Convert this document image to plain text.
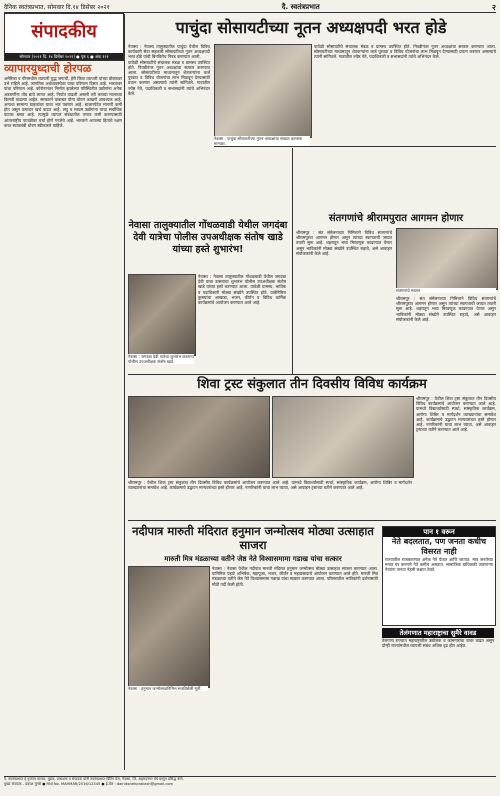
दैनिक स्वतंत्रप्रभात, सोमवार दि.१४ डिसेंबर २०२१	दै. स्वतंत्रप्रभात	२
संपादकीय
सोमवार (२०२१ दि. १४ डिसेंबर २०२१) ● पृष्ठ ६ ● अंक १२१
पाचुंदा सोसायटीच्या नूतन अध्यक्षपदी भरत होडे
व्यापारयुध्दाची होरपळ
अमेरिका व चीनमधील व्यापारी युद्ध जगाची, हेरी किंवा व्यापारी यांच्या डोक्यावर उभे राहिले आहे. जागतिक अर्थव्यवस्थेवर याचा परिणाम दिसत आहे. भारतावर यांचा परिणाम आहे. कोरोनानंतर निर्माण झालेल्या परिस्थितीत उद्योगांना अनेक अडचणींना तोंड द्यावे लागत आहे. निर्यात वाढली असली तरी कच्च्या मालाच्या किमती वाढल्या आहेत. सरकारने याबाबत योग्य धोरण आखणे आवश्यक आहे. अन्यथा सामान्य ग्राहकांवर याचा भार पडणार आहे. बाजारपेठेत मागणी कमी होत असून उत्पादन खर्च वाढत आहे. लघु व मध्यम उद्योगांना याचा सर्वाधिक फटका बसत आहे. त्यामुळे व्यापार संबंधातील तणाव कमी करण्यासाठी आंतरराष्ट्रीय पातळीवर चर्चा होणे गरजेचे आहे. भारताने आपल्या हितांचे रक्षण करत स्वावलंबी धोरण स्वीकारले पाहिजे.
नेवासा : नेवासा तालुक्यातील पाचुंदा येथील विविध कार्यकारी सेवा सहकारी सोसायटीच्या नूतन अध्यक्षपदी भरत होडे यांची बिनविरोध निवड करण्यात आली.
यावेळी सोसायटीचे संचालक मंडळ व ग्रामस्थ उपस्थित होते. निवडीनंतर नूतन अध्यक्षांचा सत्कार करण्यात आला. सोसायटीच्या माध्यमातून शेतकऱ्यांना कर्ज पुरवठा व विविध योजनांचा लाभ मिळवून देण्यासाठी प्रयत्न करणार असल्याचे त्यांनी सांगितले. गावातील ज्येष्ठ नेते, पदाधिकारी व सभासदांनी त्यांचे अभिनंदन केले.
नेवासा : पाचुंदा सोसायटीच्या नूतन अध्यक्षांचा सत्कार करताना मान्यवर.
यावेळी सोसायटीचे संचालक मंडळ व ग्रामस्थ उपस्थित होते. निवडीनंतर नूतन अध्यक्षांचा सत्कार करण्यात आला. सोसायटीच्या माध्यमातून शेतकऱ्यांना कर्ज पुरवठा व विविध योजनांचा लाभ मिळवून देण्यासाठी प्रयत्न करणार असल्याचे त्यांनी सांगितले. गावातील ज्येष्ठ नेते, पदाधिकारी व सभासदांनी त्यांचे अभिनंदन केले.
नेवासा तालुक्यातील गोंधळवाडी येथील जगदंबा देवी यात्रेचा पोलीस उपअधीक्षक संतोष खाडे यांच्या हस्ते शुभारंभ!
नेवासा : जगदंबा देवी यात्रेचा शुभारंभ करताना पोलीस उपअधीक्षक संतोष खाडे.
नेवासा : नेवासा तालुक्यातील गोंधळवाडी येथील जगदंबा देवी यात्रा उत्सवाचा शुभारंभ पोलीस उपअधीक्षक संतोष खाडे यांच्या हस्ते करण्यात आला. यावेळी ग्रामस्थ, भाविक व पदाधिकारी मोठ्या संख्येने उपस्थित होते. यात्रेनिमित्त कुस्त्यांचा आखाडा, भजन, कीर्तन व विविध धार्मिक कार्यक्रमांचे आयोजन करण्यात आले आहे.
संतगणांचे श्रीरामपुरात आगमन होणार
श्रीरामपूर : संत संमेलनाच्या निमित्ताने विविध संतगणांचे श्रीरामपुरात आगमन होणार असून त्यांच्या स्वागताची जय्यत तयारी सुरू आहे. शहरातून भव्य मिरवणूक काढण्यात येणार असून भाविकांनी मोठ्या संख्येने उपस्थित राहावे, असे आवाहन संयोजकांनी केले आहे.
संतगणांचे स्वागत
श्रीरामपूर : संत संमेलनाच्या निमित्ताने विविध संतगणांचे श्रीरामपुरात आगमन होणार असून त्यांच्या स्वागताची जय्यत तयारी सुरू आहे. शहरातून भव्य मिरवणूक काढण्यात येणार असून भाविकांनी मोठ्या संख्येने उपस्थित राहावे, असे आवाहन संयोजकांनी केले आहे.
शिवा ट्रस्ट संकुलात तीन दिवसीय विविध कार्यक्रम
श्रीरामपूर : येथील शिवा ट्रस्ट संकुलात तीन दिवसीय विविध कार्यक्रमांचे आयोजन करण्यात आले आहे. यामध्ये विद्यार्थ्यांसाठी स्पर्धा, सांस्कृतिक कार्यक्रम, आरोग्य शिबिर व मार्गदर्शन व्याख्यानांचा समावेश आहे. कार्यक्रमाचे उद्घाटन मान्यवरांच्या हस्ते होणार आहे. नागरिकांनी याचा लाभ घ्यावा, असे आवाहन ट्रस्टच्या वतीने करण्यात आले आहे.
श्रीरामपूर : येथील शिवा ट्रस्ट संकुलात तीन दिवसीय विविध कार्यक्रमांचे आयोजन करण्यात आले आहे. यामध्ये विद्यार्थ्यांसाठी स्पर्धा, सांस्कृतिक कार्यक्रम, आरोग्य शिबिर व मार्गदर्शन व्याख्यानांचा समावेश आहे. कार्यक्रमाचे उद्घाटन मान्यवरांच्या हस्ते होणार आहे. नागरिकांनी याचा लाभ घ्यावा, असे आवाहन ट्रस्टच्या वतीने करण्यात आले आहे.
नदीपात्र मारुती मंदिरात हनुमान जन्मोत्सव मोठ्या उत्साहात साजरा
मारुती मित्र मंडळाच्या वतीने जेष्ठ नेते विश्वासमामा गडाख यांचा सत्कार
नेवासा : हनुमान जन्मोत्सवानिमित्त सजविलेली मूर्ती.
नेवासा : नेवासा येथील नदीपात्र मारुती मंदिरात हनुमान जन्मोत्सव मोठ्या उत्साहात साजरा करण्यात आला. यानिमित्त पहाटे अभिषेक, महापूजा, भजन, कीर्तन व महाप्रसादाचे आयोजन करण्यात आले होते. मारुती मित्र मंडळाच्या वतीने जेष्ठ नेते विश्वासमामा गडाख यांचा सत्कार करण्यात आला. परिसरातील भाविकांनी दर्शनासाठी मोठी गर्दी केली होती.
पान १ वरून
नेते बदलतात, पण जनता कधीच विसरत नाही
राज्यातील राजकारणात अनेक नेते येतात आणि जातात. मात्र जनतेच्या मनात घर करणारे नेते कमीच असतात. सामाजिक बांधिलकी जपणाऱ्या नेत्यांना जनता नेहमी लक्षात ठेवते.
तेलंगणात महाराष्ट्राचा सुमैरे वावड
तेलंगणा राज्यात महाराष्ट्रातील उद्योजक व कामगारांचा वावर वाढत असून दोन्ही राज्यांमधील व्यापारी संबंध अधिक दृढ होत आहेत.
दै. स्वतंत्रप्रभात हे वृत्तपत्र मालक, मुद्रक, प्रकाशक व संपादक यांनी स्वतंत्रप्रभात प्रिंटिंग प्रेस, नेवासा, जि. अहमदनगर येथे छापून प्रसिद्ध केले.
मुख्य संपादक - प्रकाश मुंगसे ● RNI No. MAHMAR/2016/12345 ● ई-मेल : dainiksnehprakash@gmail.com
